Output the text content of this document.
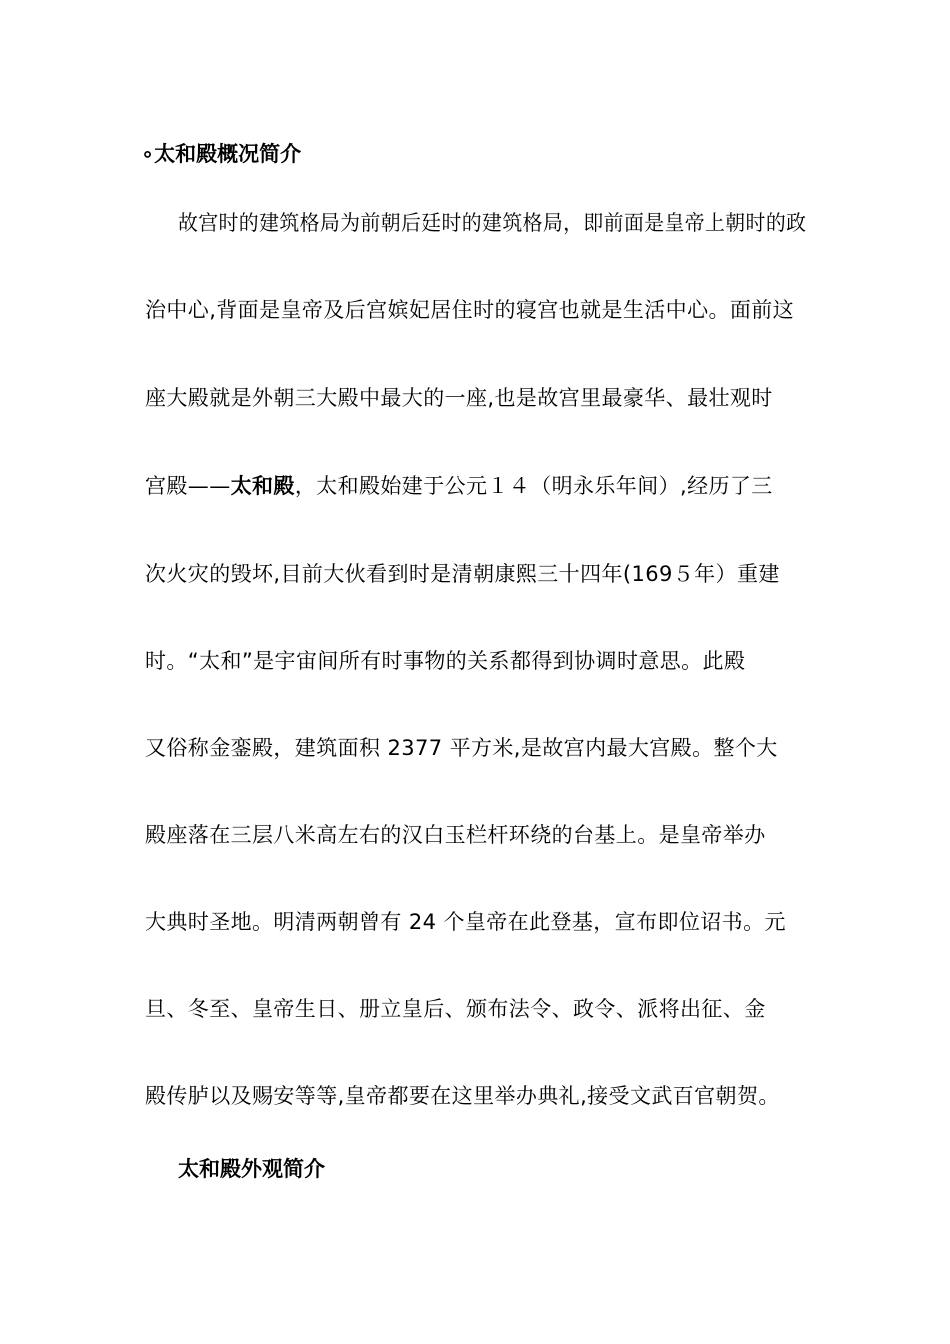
∘太和殿概况简介
故宫时的建筑格局为前朝后廷时的建筑格局，即前面是皇帝上朝时的政
治中心,背面是皇帝及后宫嫔妃居住时的寝宫也就是生活中心。面前这
座大殿就是外朝三大殿中最大的一座,也是故宫里最豪华、最壮观时
宫殿——太和殿，太和殿始建于公元１４（明永乐年间）,经历了三
次火灾的毁坏,目前大伙看到时是清朝康熙三十四年(169５年）重建
时。“太和”是宇宙间所有时事物的关系都得到协调时意思。此殿
又俗称金銮殿，建筑面积 2377 平方米,是故宫内最大宫殿。整个大
殿座落在三层八米高左右的汉白玉栏杆环绕的台基上。是皇帝举办
大典时圣地。明清两朝曾有 24 个皇帝在此登基，宣布即位诏书。元
旦、冬至、皇帝生日、册立皇后、颁布法令、政令、派将出征、金
殿传胪以及赐安等等,皇帝都要在这里举办典礼,接受文武百官朝贺。
太和殿外观简介
